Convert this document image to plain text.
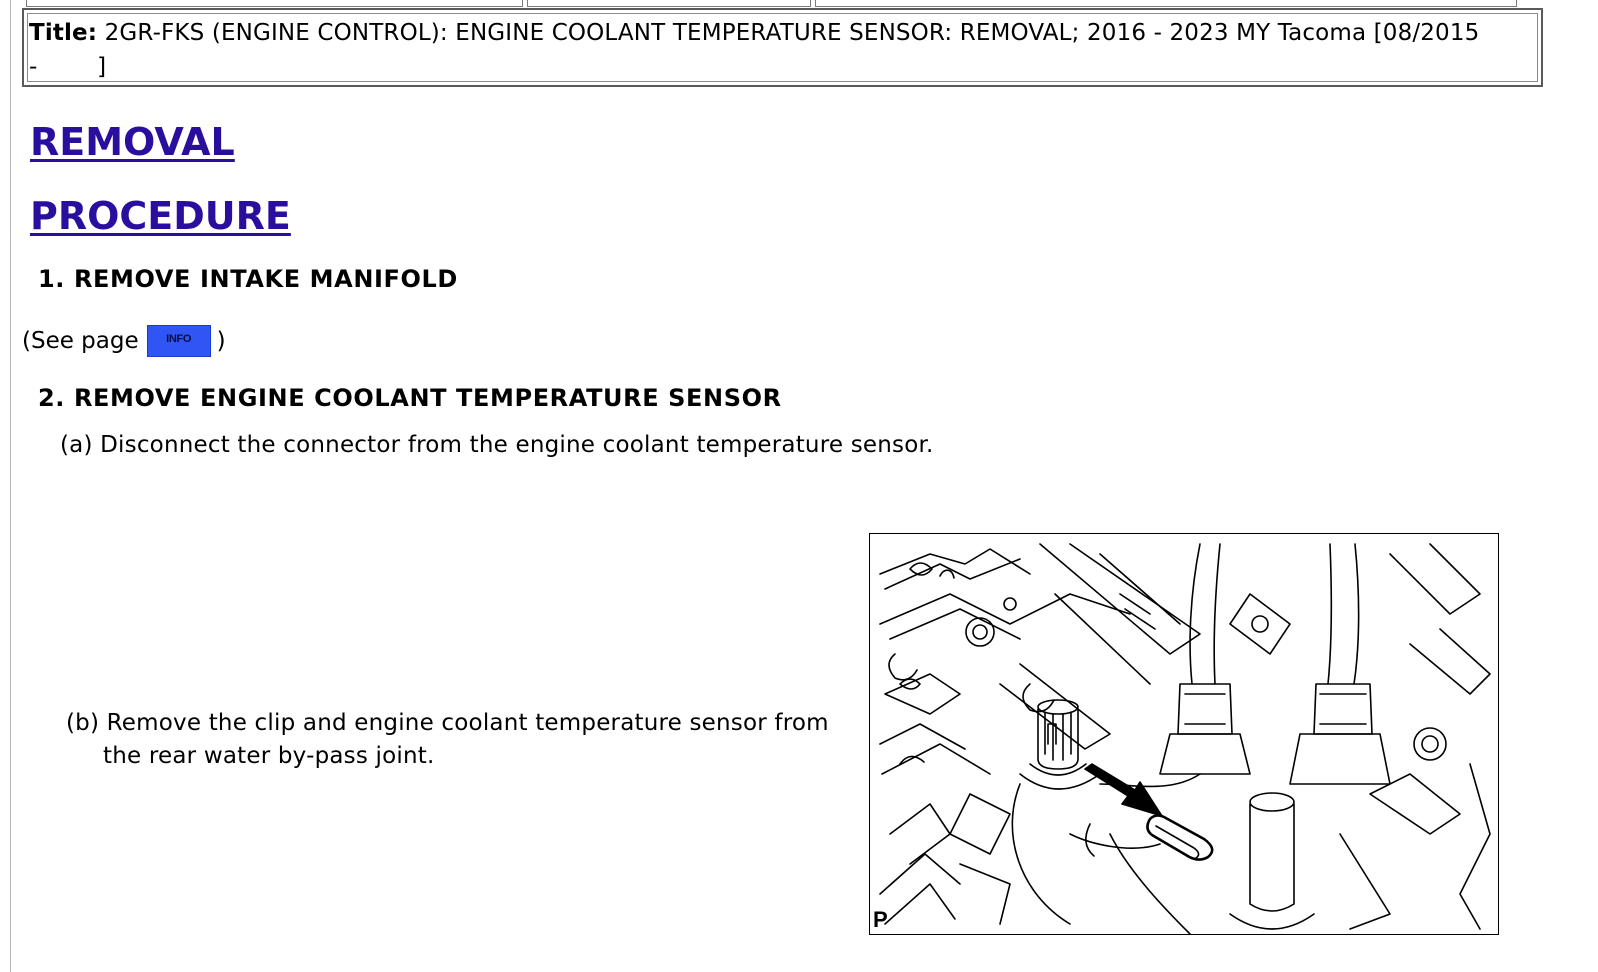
Title: 2GR-FKS (ENGINE CONTROL): ENGINE COOLANT TEMPERATURE SENSOR: REMOVAL; 2016 - 2023 MY Tacoma [08/2015
-        ]
REMOVAL
PROCEDURE
1. REMOVE INTAKE MANIFOLD
(See page	INFO	)
2. REMOVE ENGINE COOLANT TEMPERATURE SENSOR
(a) Disconnect the connector from the engine coolant temperature sensor.
(b) Remove the clip and engine coolant temperature sensor from
the rear water by-pass joint.
P
